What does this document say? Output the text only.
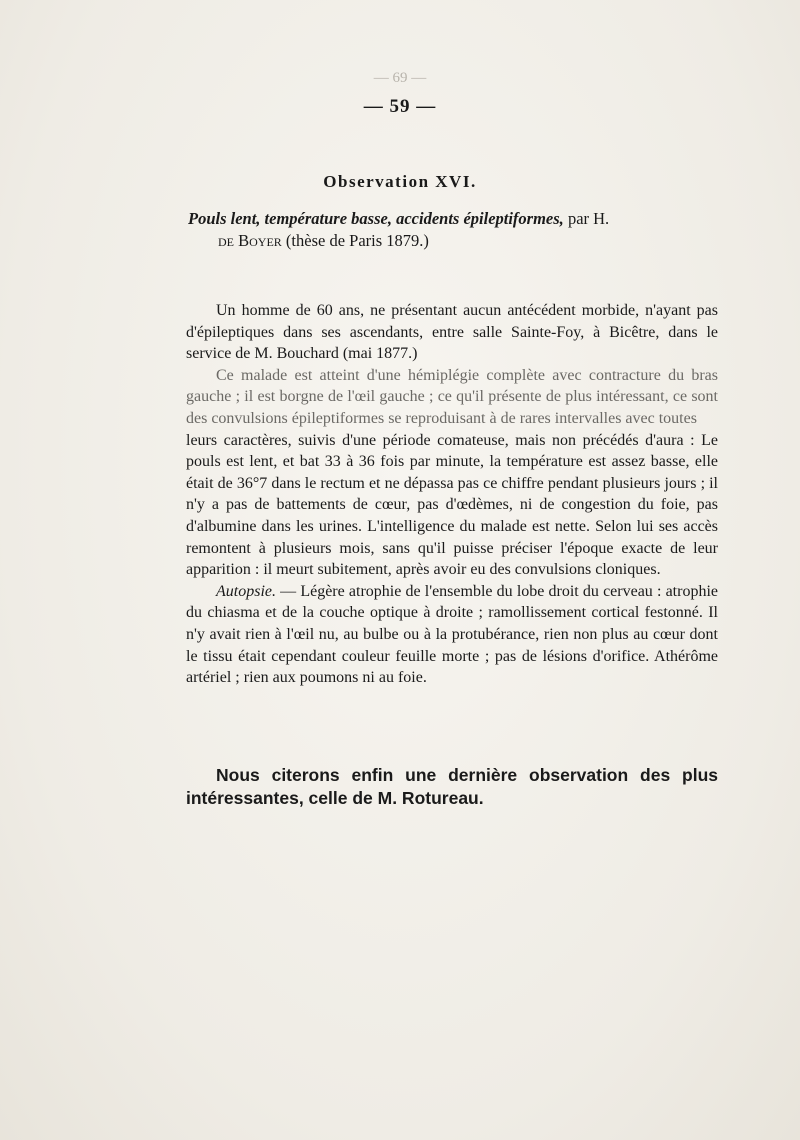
— 69 —
— 59 —
Observation XVI.
Pouls lent, température basse, accidents épileptiformes, par H.
de Boyer (thèse de Paris 1879.)

Un homme de 60 ans, ne présentant aucun antécédent morbide, n'ayant pas d'épileptiques dans ses ascendants, entre salle Sainte-Foy, à Bicêtre, dans le service de M. Bouchard (mai 1877.)

Ce malade est atteint d'une hémiplégie complète avec contracture du bras gauche ; il est borgne de l'œil gauche ; ce qu'il présente de plus intéressant, ce sont des convulsions épileptiformes se reproduisant à de rares intervalles avec toutes

leurs caractères, suivis d'une période comateuse, mais non précédés d'aura : Le pouls est lent, et bat 33 à 36 fois par minute, la température est assez basse, elle était de 36°7 dans le rectum et ne dépassa pas ce chiffre pendant plusieurs jours ; il n'y a pas de battements de cœur, pas d'œdèmes, ni de congestion du foie, pas d'albumine dans les urines. L'intelligence du malade est nette. Selon lui ses accès remontent à plusieurs mois, sans qu'il puisse préciser l'époque exacte de leur apparition : il meurt subitement, après avoir eu des convulsions cloniques.

Autopsie. — Légère atrophie de l'ensemble du lobe droit du cerveau : atrophie du chiasma et de la couche optique à droite ; ramollissement cortical festonné. Il n'y avait rien à l'œil nu, au bulbe ou à la protubérance, rien non plus au cœur dont le tissu était cependant couleur feuille morte ; pas de lésions d'orifice. Athérôme artériel ; rien aux poumons ni au foie.

Nous citerons enfin une dernière observation des plus intéressantes, celle de M. Rotureau.
